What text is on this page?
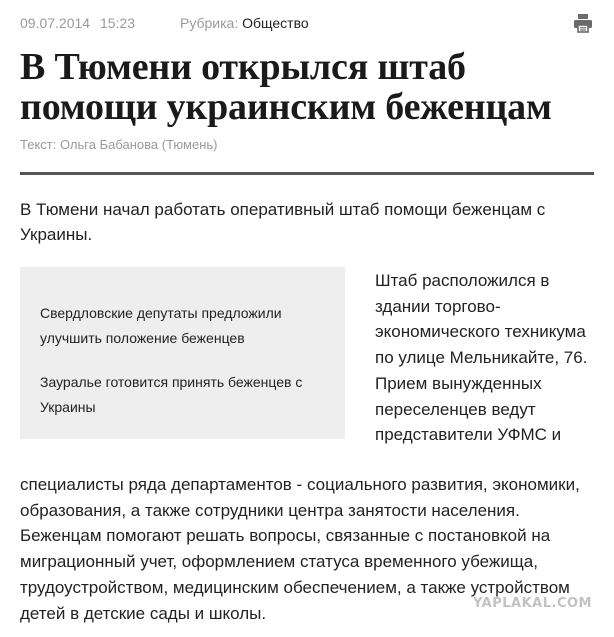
09.07.2014 15:23	Рубрика: Общество
В Тюмени открылся штаб
помощи украинским беженцам
Текст: Ольга Бабанова (Тюмень)

В Тюмени начал работать оперативный штаб помощи беженцам с Украины.

Свердловские депутаты предложили улучшить положение беженцев
Зауралье готовится принять беженцев с Украины

Штаб расположился в здании торгово-экономического техникума по улице Мельникайте, 76. Прием вынужденных переселенцев ведут представители УФМС и

специалисты ряда департаментов - социального развития, экономики, образования, а также сотрудники центра занятости населения. Беженцам помогают решать вопросы, связанные с постановкой на миграционный учет, оформлением статуса временного убежища, трудоустройством, медицинским обеспечением, а также устройством детей в детские сады и школы.

YAPLAKAL.COM
